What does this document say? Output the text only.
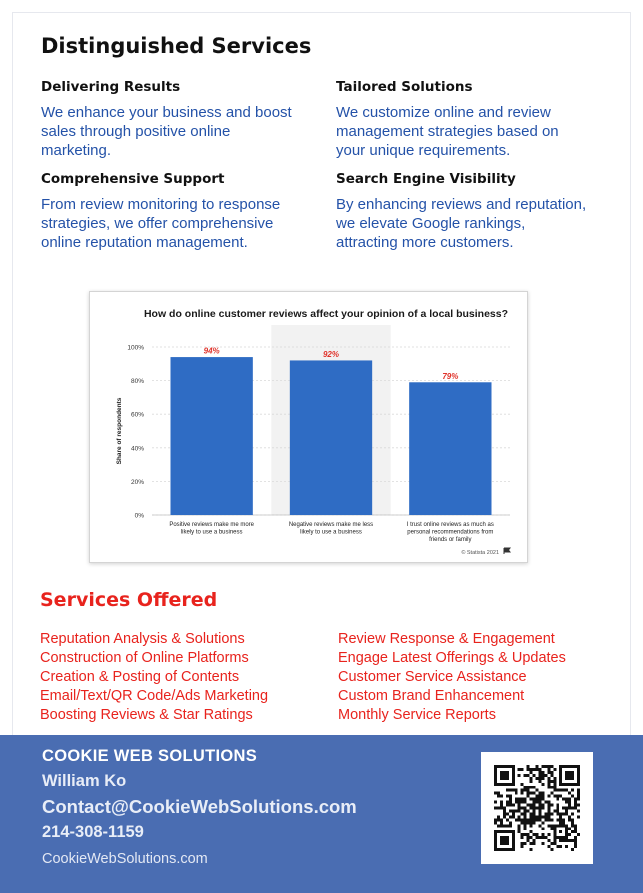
Distinguished Services
Delivering Results

We enhance your business and boost sales through positive online marketing.

Tailored Solutions

We customize online and review management strategies based on your unique requirements.

Comprehensive Support

From review monitoring to response strategies, we offer comprehensive online reputation management.

Search Engine Visibility

By enhancing reviews and reputation, we elevate Google rankings, attracting more customers.

How do online customer reviews affect your opinion of a local business?
0%
20%
40%
60%
80%
100%
Share of respondents
94%
Positive reviews make me more
likely to use a business
92%
Negative reviews make me less
likely to use a business
79%
I trust online reviews as much as
personal recommendations from
friends or family
© Statista 2021
Services Offered
Reputation Analysis & Solutions
Construction of Online Platforms
Creation & Posting of Contents
Email/Text/QR Code/Ads Marketing
Boosting Reviews & Star Ratings
Review Response & Engagement
Engage Latest Offerings & Updates
Customer Service Assistance
Custom Brand Enhancement
Monthly Service Reports
COOKIE WEB SOLUTIONS
William Ko
Contact@CookieWebSolutions.com
214-308-1159
CookieWebSolutions.com
